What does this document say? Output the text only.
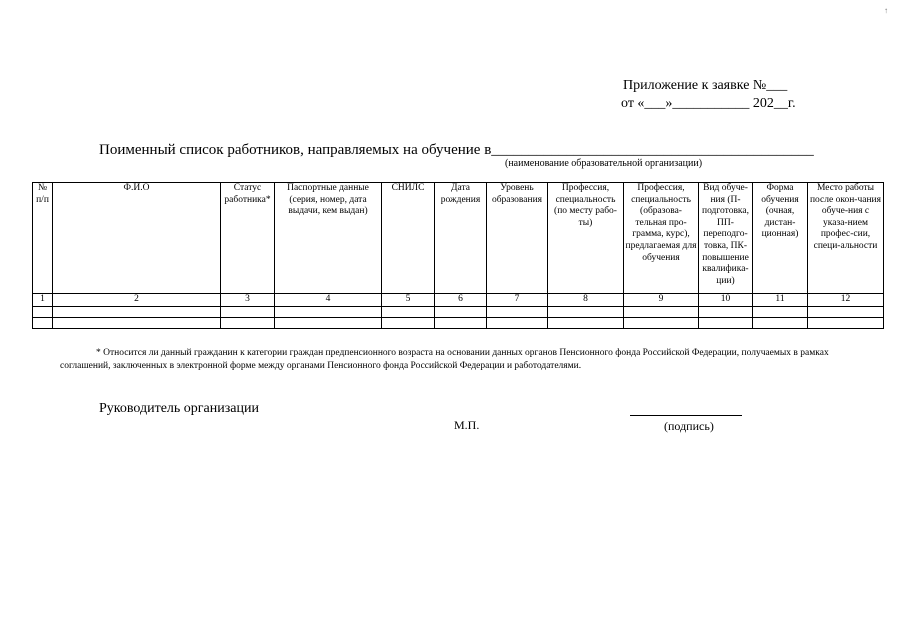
↑
Приложение к заявке №___
от «___»___________ 202__г.
Поименный список работников, направляемых на обучение в___________________________________________
(наименование образовательной организации)
№ п/п	Ф.И.О	Статус работника*	Паспортные данные (серия, номер, дата выдачи, кем выдан)	СНИЛС	Дата рождения	Уровень образования	Профессия, специальность (по месту рабо-ты)	Профессия, специальность (образова-тельная про-грамма, курс), предлагаемая для обучения	Вид обуче-ния (П-подготовка, ПП-переподго-товка, ПК-повышение квалифика-ции)	Форма обучения (очная, дистан-ционная)	Место работы после окон-чания обуче-ния с указа-нием профес-сии, специ-альности
1	2	3	4	5	6	7	8	9	10	11	12

* Относится ли данный гражданин к категории граждан предпенсионного возраста на основании данных органов Пенсионного фонда Российской Федерации, получаемых в рамках соглашений, заключенных в электронной форме между органами Пенсионного фонда Российской Федерации и работодателями.
Руководитель организации
М.П.	(подпись)
